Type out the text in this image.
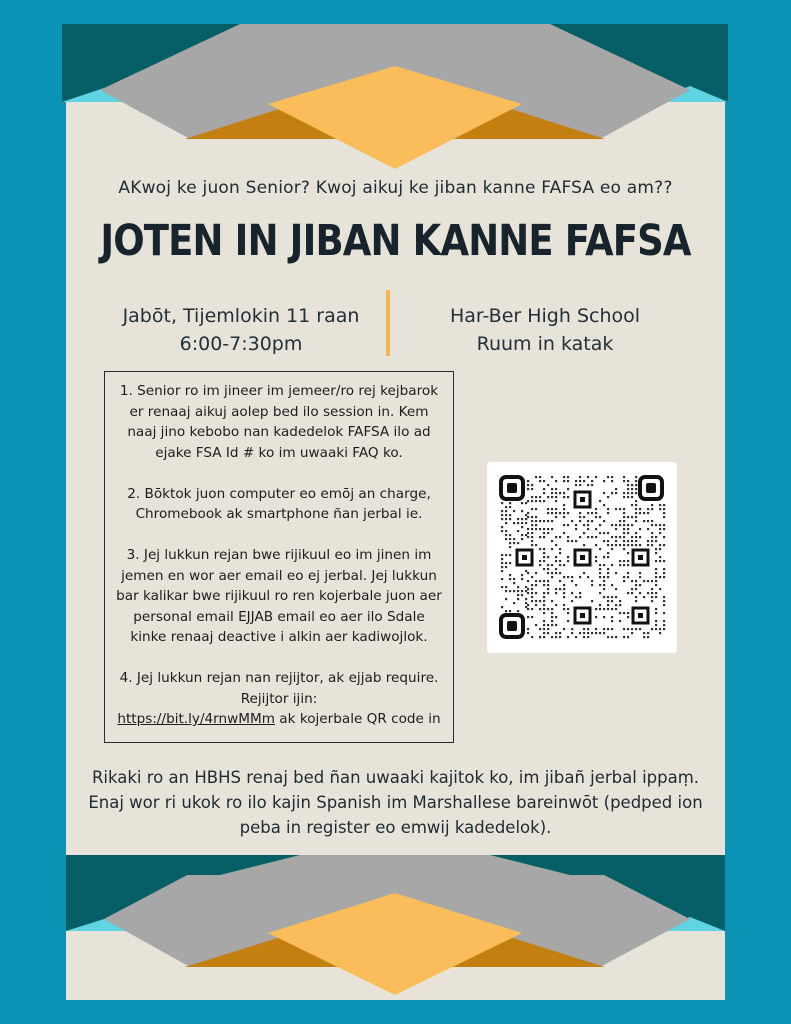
AKwoj ke juon Senior? Kwoj aikuj ke jiban kanne FAFSA eo am??
JOTEN IN JIBAN KANNE FAFSA
Jabōt, Tijemlokin 11 raan
6:00-7:30pm
Har-Ber High School
Ruum in katak

1. Senior ro im jineer im jemeer/ro rej kejbarok er renaaj aikuj aolep bed ilo session in. Kem naaj jino kebobo nan kadedelok FAFSA ilo ad ejake FSA Id # ko im uwaaki FAQ ko.

2. Bōktok juon computer eo emōj an charge, Chromebook ak smartphone ñan jerbal ie.

3. Jej lukkun rejan bwe rijikuul eo im jinen im jemen en wor aer email eo ej jerbal. Jej lukkun bar kalikar bwe rijikuul ro ren kojerbale juon aer personal email EJJAB email eo aer ilo Sdale kinke renaaj deactive i alkin aer kadiwojlok.

4. Jej lukkun rejan nan rejijtor, ak ejjab require. Rejijtor ijin:
https://bit.ly/4rnwMMm ak kojerbale QR code in

Rikaki ro an HBHS renaj bed ñan uwaaki kajitok ko, im jibañ jerbal ippaṃ. Enaj wor ri ukok ro ilo kajin Spanish im Marshallese bareinwōt (pedped ion peba in register eo emwij kadedelok).
